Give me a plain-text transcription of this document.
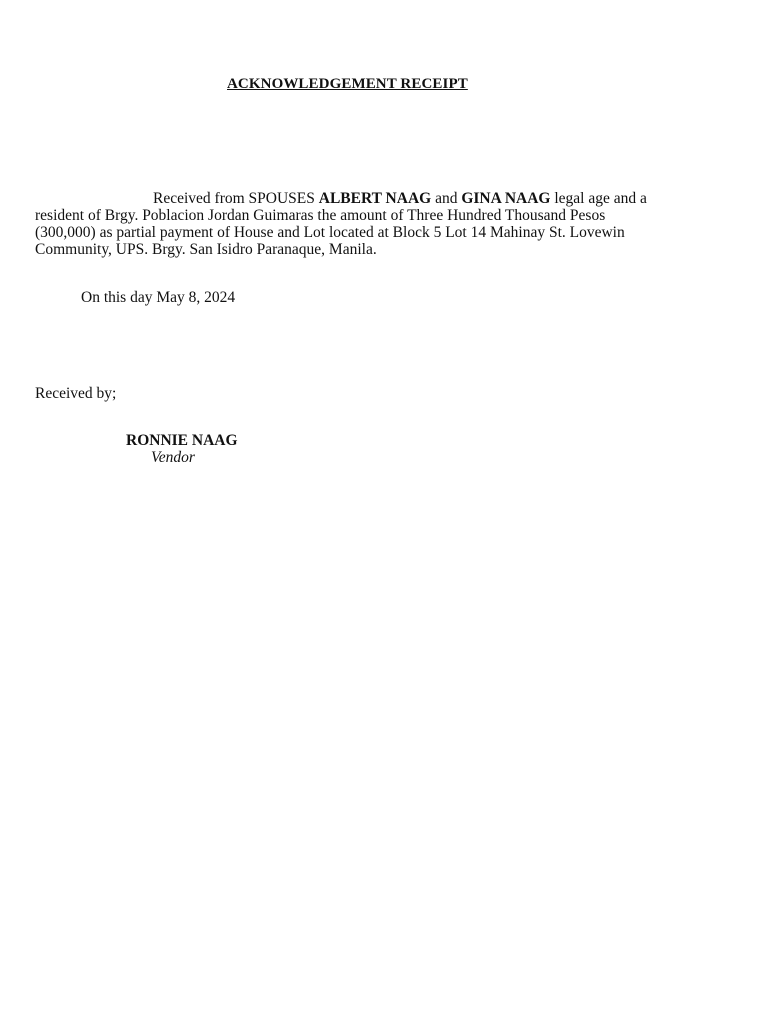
ACKNOWLEDGEMENT RECEIPT
Received from SPOUSES ALBERT NAAG and GINA NAAG legal age and a
resident of Brgy. Poblacion Jordan Guimaras the amount of Three Hundred Thousand Pesos
(300,000) as partial payment of House and Lot located at Block 5 Lot 14 Mahinay St. Lovewin
Community, UPS. Brgy. San Isidro Paranaque, Manila.
On this day May 8, 2024
Received by;
RONNIE NAAG
Vendor
